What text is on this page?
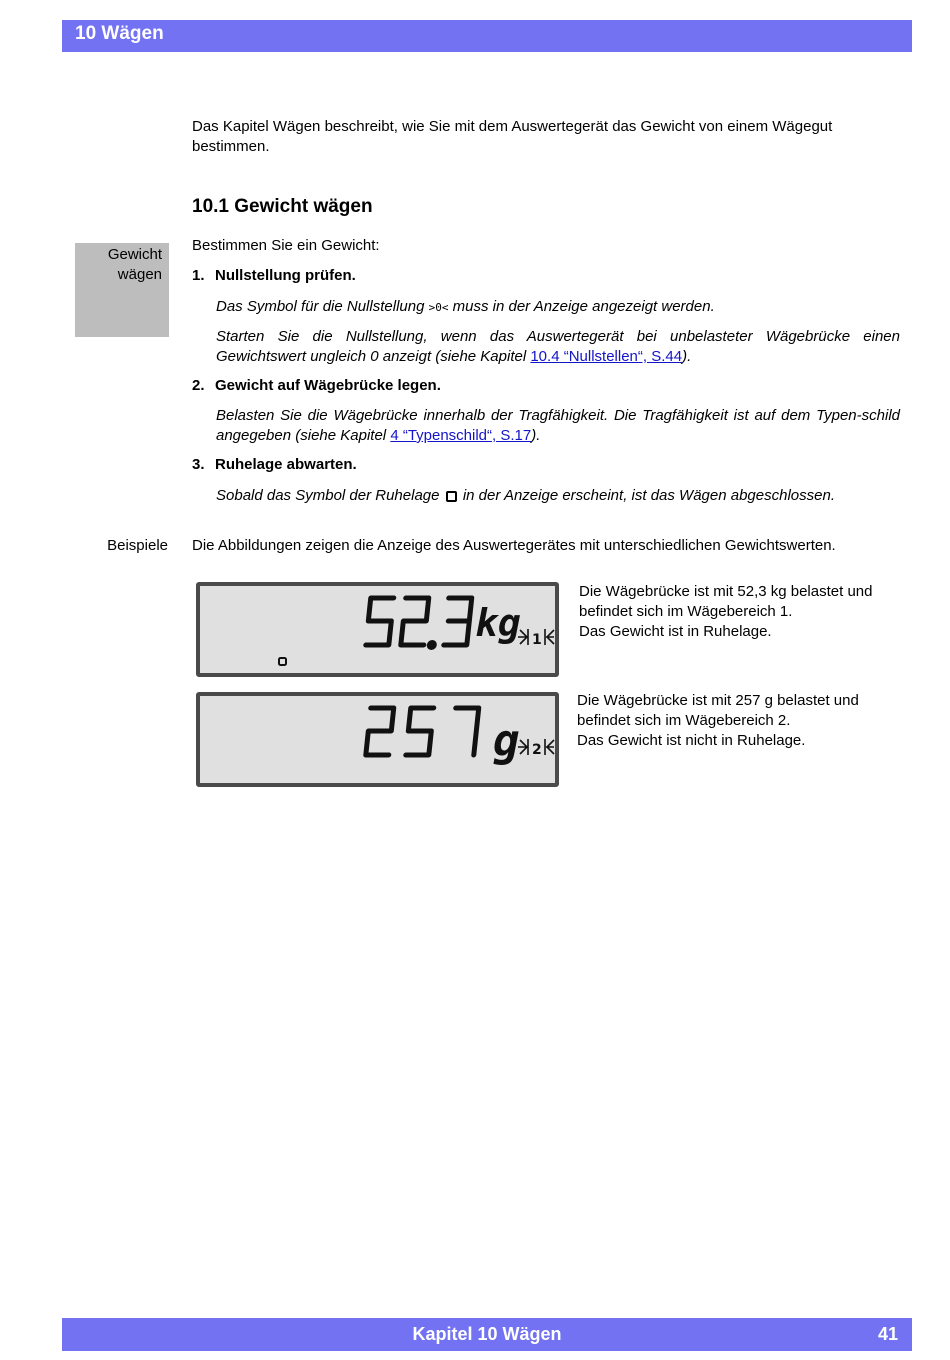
10 Wägen
Das Kapitel Wägen beschreibt, wie Sie mit dem Auswertegerät das Gewicht von einem Wägegut bestimmen.
10.1 Gewicht wägen
Gewicht
wägen
Bestimmen Sie ein Gewicht:
1. Nullstellung prüfen.
Das Symbol für die Nullstellung >0< muss in der Anzeige angezeigt werden.
Starten Sie die Nullstellung, wenn das Auswertegerät bei unbelasteter Wägebrücke einen Gewichtswert ungleich 0 anzeigt (siehe Kapitel 10.4 “Nullstellen“, S.44).
2. Gewicht auf Wägebrücke legen.
Belasten Sie die Wägebrücke innerhalb der Tragfähigkeit. Die Tragfähigkeit ist auf dem Typen-schild angegeben (siehe Kapitel 4 “Typenschild“, S.17).
3. Ruhelage abwarten.
Sobald das Symbol der Ruhelage  in der Anzeige erscheint, ist das Wägen abgeschlossen.
Beispiele Die Abbildungen zeigen die Anzeige des Auswertegerätes mit unterschiedlichen Gewichtswerten.
kg 1
Die Wägebrücke ist mit 52,3 kg belastet und befindet sich im Wägebereich 1.
Das Gewicht ist in Ruhelage.
g 2
Die Wägebrücke ist mit 257 g belastet und befindet sich im Wägebereich 2.
Das Gewicht ist nicht in Ruhelage.
Kapitel 10 Wägen	41
